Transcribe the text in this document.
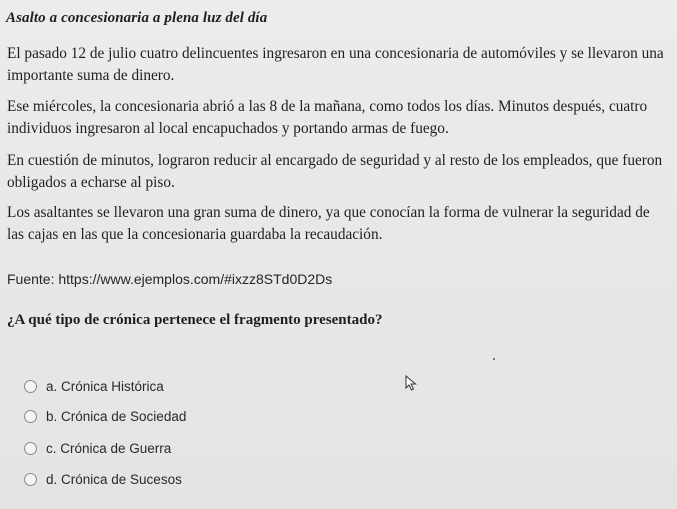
Asalto a concesionaria a plena luz del día

El pasado 12 de julio cuatro delincuentes ingresaron en una concesionaria de automóviles y se llevaron una importante suma de dinero.

Ese miércoles, la concesionaria abrió a las 8 de la mañana, como todos los días. Minutos después, cuatro individuos ingresaron al local encapuchados y portando armas de fuego.

En cuestión de minutos, lograron reducir al encargado de seguridad y al resto de los empleados, que fueron obligados a echarse al piso.

Los asaltantes se llevaron una gran suma de dinero, ya que conocían la forma de vulnerar la seguridad de las cajas en las que la concesionaria guardaba la recaudación.

Fuente: https://www.ejemplos.com/#ixzz8STd0D2Ds
¿A qué tipo de crónica pertenece el fragmento presentado?
a. Crónica Histórica
b. Crónica de Sociedad
c. Crónica de Guerra
d. Crónica de Sucesos
